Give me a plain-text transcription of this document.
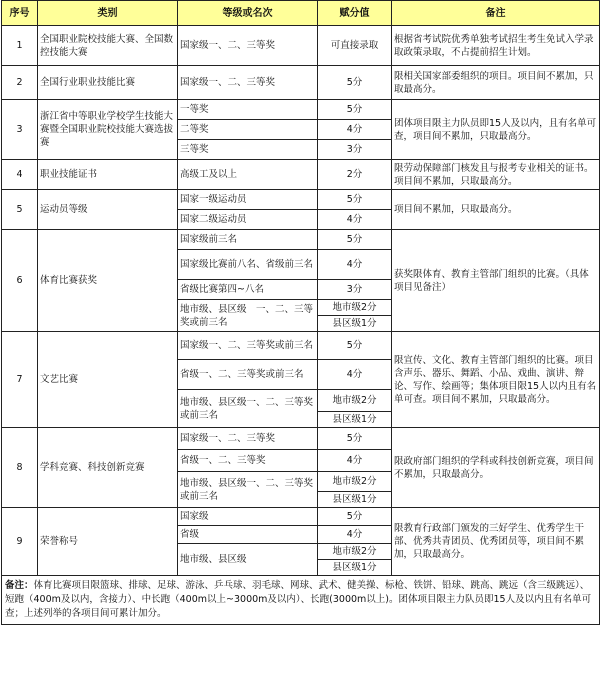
序号	类别	等级或名次	赋分值	备注
1	全国职业院校技能大赛、全国数控技能大赛	国家级一、二、三等奖	可直接录取	根据省考试院优秀单独考试招生考生免试入学录取政策录取，不占提前招生计划。
2	全国行业职业技能比赛	国家级一、二、三等奖	5分	限相关国家部委组织的项目。项目间不累加，只取最高分。
3	浙江省中等职业学校学生技能大赛暨全国职业院校技能大赛选拔赛	一等奖	5分	团体项目限主力队员即15人及以内，且有名单可查，项目间不累加，只取最高分。
		二等奖	4分	
		三等奖	3分	
4	职业技能证书	高级工及以上	2分	限劳动保障部门核发且与报考专业相关的证书。项目间不累加，只取最高分。
5	运动员等级	国家一级运动员	5分	项目间不累加，只取最高分。
		国家二级运动员	4分	
6	体育比赛获奖	国家级前三名	5分	获奖限体育、教育主管部门组织的比赛。（具体项目见备注）
		国家级比赛前八名、省级前三名	4分	
		省级比赛第四~八名	3分	
		地市级、县区级　一、二、三等奖或前三名	地市级2分	
			县区级1分	
7	文艺比赛	国家级一、二、三等奖或前三名	5分	限宣传、文化、教育主管部门组织的比赛。项目含声乐、器乐、舞蹈、小品、戏曲、演讲、辩论、写作、绘画等；集体项目限15人以内且有名单可查。项目间不累加，只取最高分。
		省级一、二、三等奖或前三名	4分	
		地市级、县区级一、二、三等奖或前三名	地市级2分	
			县区级1分	
8	学科竞赛、科技创新竞赛	国家级一、二、三等奖	5分	限政府部门组织的学科或科技创新竞赛，项目间不累加，只取最高分。
		省级一、二、三等奖	4分	
		地市级、县区级一、二、三等奖或前三名	地市级2分	
			县区级1分	
9	荣誉称号	国家级	5分	限教育行政部门颁发的三好学生、优秀学生干部、优秀共青团员、优秀团员等，项目间不累加，只取最高分。
		省级	4分	
		地市级、县区级	地市级2分	
			县区级1分	
备注：体育比赛项目限篮球、排球、足球、游泳、乒乓球、羽毛球、网球、武术、健美操、标枪、铁饼、铅球、跳高、跳远（含三级跳远）、短跑（400m及以内，含接力）、中长跑（400m以上~3000m及以内）、长跑(3000m以上)。团体项目限主力队员即15人及以内且有名单可查；上述列举的各项目间可累计加分。				
